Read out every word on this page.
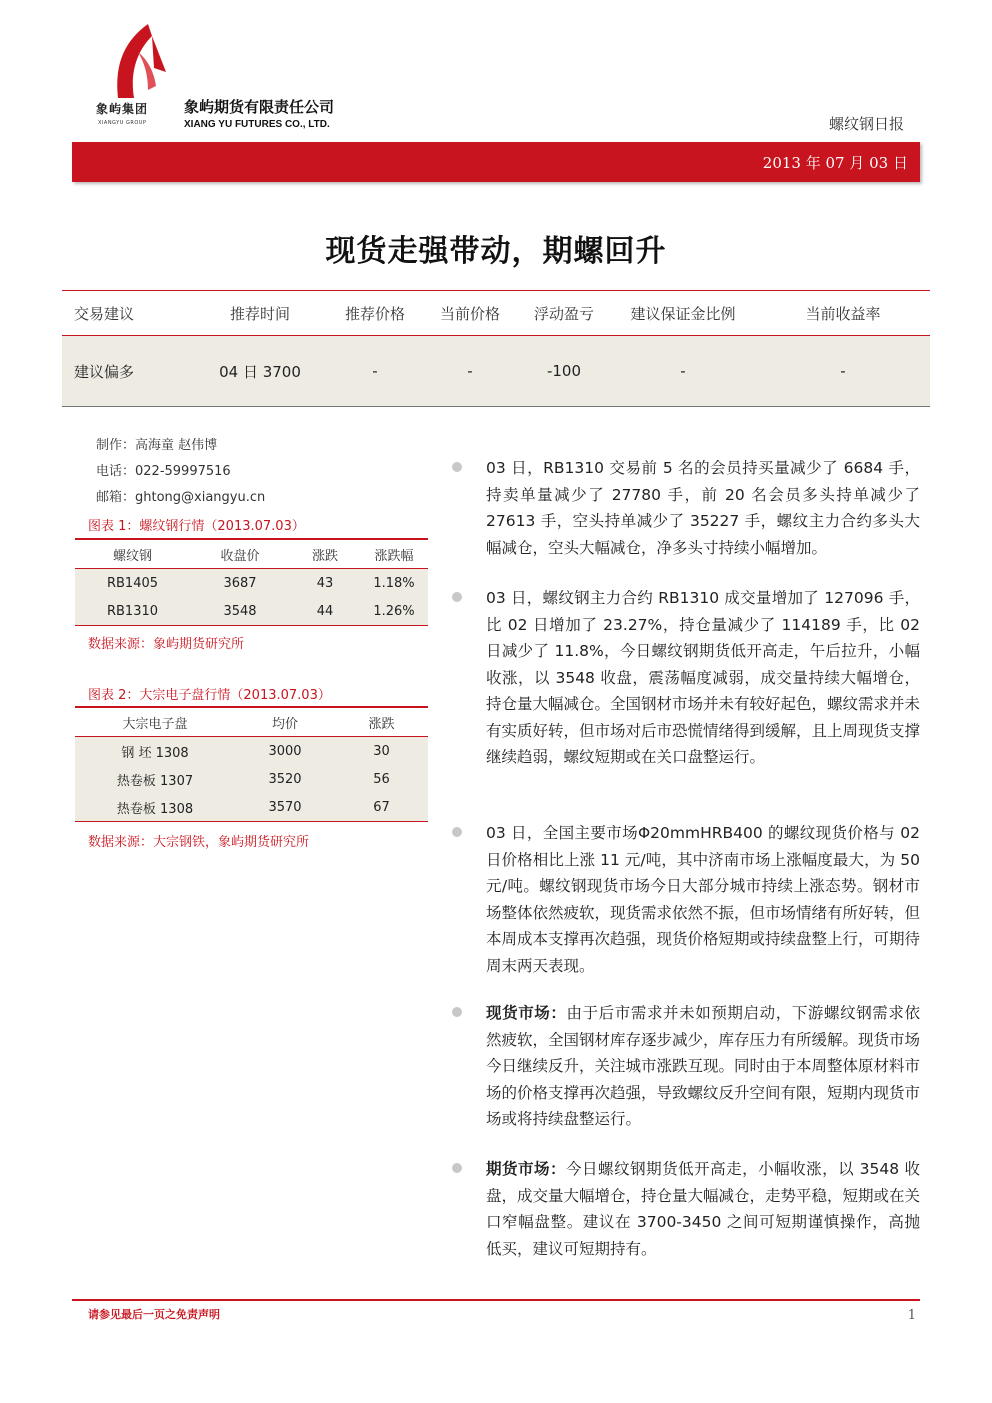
象屿集团
XIANGYU GROUP
象屿期货有限责任公司
XIANG YU FUTURES CO., LTD.	螺纹钢日报
2013 年 07 月 03 日
现货走强带动，期螺回升
交易建议	推荐时间	推荐价格	当前价格	浮动盈亏	建议保证金比例	当前收益率
建议偏多	04 日 3700	-	-	-100	-	-
制作：高海童 赵伟博
电话：022-59997516
邮箱：ghtong@xiangyu.cn
图表 1：螺纹钢行情（2013.07.03）
螺纹钢	收盘价	涨跌	涨跌幅
RB1405	3687	43	1.18%
RB1310	3548	44	1.26%
数据来源：象屿期货研究所
图表 2：大宗电子盘行情（2013.07.03）
大宗电子盘	均价	涨跌
钢 坯 1308	3000	30
热卷板 1307	3520	56
热卷板 1308	3570	67
数据来源：大宗钢铁，象屿期货研究所
03 日，RB1310 交易前 5 名的会员持买量减少了 6684 手，持卖单量减少了 27780 手，前 20 名会员多头持单减少了 27613 手，空头持单减少了 35227 手，螺纹主力合约多头大幅减仓，空头大幅减仓，净多头寸持续小幅增加。
03 日，螺纹钢主力合约 RB1310 成交量增加了 127096 手，比 02 日增加了 23.27%，持仓量减少了 114189 手，比 02 日减少了 11.8%，今日螺纹钢期货低开高走，午后拉升，小幅收涨，以 3548 收盘，震荡幅度减弱，成交量持续大幅增仓，持仓量大幅减仓。全国钢材市场并未有较好起色，螺纹需求并未有实质好转，但市场对后市恐慌情绪得到缓解，且上周现货支撑继续趋弱，螺纹短期或在关口盘整运行。
03 日，全国主要市场Φ20mmHRB400 的螺纹现货价格与 02 日价格相比上涨 11 元/吨，其中济南市场上涨幅度最大，为 50 元/吨。螺纹钢现货市场今日大部分城市持续上涨态势。钢材市场整体依然疲软，现货需求依然不振，但市场情绪有所好转，但本周成本支撑再次趋强，现货价格短期或持续盘整上行，可期待周末两天表现。
现货市场：由于后市需求并未如预期启动，下游螺纹钢需求依然疲软，全国钢材库存逐步减少，库存压力有所缓解。现货市场今日继续反升，关注城市涨跌互现。同时由于本周整体原材料市场的价格支撑再次趋强，导致螺纹反升空间有限，短期内现货市场或将持续盘整运行。
期货市场：今日螺纹钢期货低开高走，小幅收涨，以 3548 收盘，成交量大幅增仓，持仓量大幅减仓，走势平稳，短期或在关口窄幅盘整。建议在 3700-3450 之间可短期谨慎操作，高抛低买，建议可短期持有。
请参见最后一页之免责声明	1
